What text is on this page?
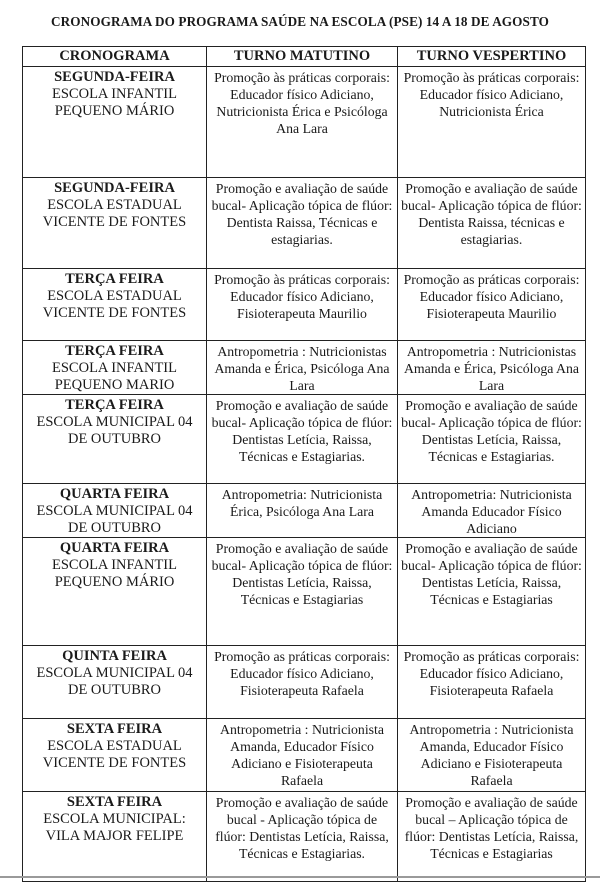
CRONOGRAMA DO PROGRAMA SAÚDE NA ESCOLA (PSE) 14 A 18 DE AGOSTO
CRONOGRAMA	TURNO MATUTINO	TURNO VESPERTINO

SEGUNDA-FEIRA
ESCOLA INFANTIL PEQUENO MÁRIO	Promoção às práticas corporais: Educador físico Adiciano, Nutricionista Érica e Psicóloga Ana Lara	Promoção às práticas corporais: Educador físico Adiciano, Nutricionista Érica

SEGUNDA-FEIRA
ESCOLA ESTADUAL VICENTE DE FONTES	Promoção e avaliação de saúde bucal- Aplicação tópica de flúor: Dentista Raissa, Técnicas e estagiarias.	Promoção e avaliação de saúde bucal- Aplicação tópica de flúor: Dentista Raissa, técnicas e estagiarias.

TERÇA FEIRA
ESCOLA ESTADUAL VICENTE DE FONTES	Promoção às práticas corporais: Educador físico Adiciano, Fisioterapeuta Maurilio	Promoção as práticas corporais: Educador físico Adiciano, Fisioterapeuta Maurilio

TERÇA FEIRA
ESCOLA INFANTIL PEQUENO MARIO	Antropometria : Nutricionistas Amanda e Érica, Psicóloga Ana Lara	Antropometria : Nutricionistas Amanda e Érica, Psicóloga Ana Lara

TERÇA FEIRA
ESCOLA MUNICIPAL 04 DE OUTUBRO	Promoção e avaliação de saúde bucal- Aplicação tópica de flúor: Dentistas Letícia, Raissa, Técnicas e Estagiarias.	Promoção e avaliação de saúde bucal- Aplicação tópica de flúor: Dentistas Letícia, Raissa, Técnicas e Estagiarias.

QUARTA FEIRA
ESCOLA MUNICIPAL 04 DE OUTUBRO	Antropometria: Nutricionista Érica, Psicóloga Ana Lara	Antropometria: Nutricionista Amanda Educador Físico Adiciano

QUARTA FEIRA
ESCOLA INFANTIL PEQUENO MÁRIO	Promoção e avaliação de saúde bucal- Aplicação tópica de flúor: Dentistas Letícia, Raissa, Técnicas e Estagiarias	Promoção e avaliação de saúde bucal- Aplicação tópica de flúor: Dentistas Letícia, Raissa, Técnicas e Estagiarias

QUINTA FEIRA
ESCOLA MUNICIPAL 04 DE OUTUBRO	Promoção as práticas corporais: Educador físico Adiciano, Fisioterapeuta Rafaela	Promoção as práticas corporais: Educador físico Adiciano, Fisioterapeuta Rafaela

SEXTA FEIRA
ESCOLA ESTADUAL VICENTE DE FONTES	Antropometria : Nutricionista Amanda, Educador Físico Adiciano e Fisioterapeuta Rafaela	Antropometria : Nutricionista Amanda, Educador Físico Adiciano e Fisioterapeuta Rafaela

SEXTA FEIRA
ESCOLA MUNICIPAL: VILA MAJOR FELIPE	Promoção e avaliação de saúde bucal - Aplicação tópica de flúor: Dentistas Letícia, Raissa, Técnicas e Estagiarias.	Promoção e avaliação de saúde bucal – Aplicação tópica de flúor: Dentistas Letícia, Raissa, Técnicas e Estagiarias
